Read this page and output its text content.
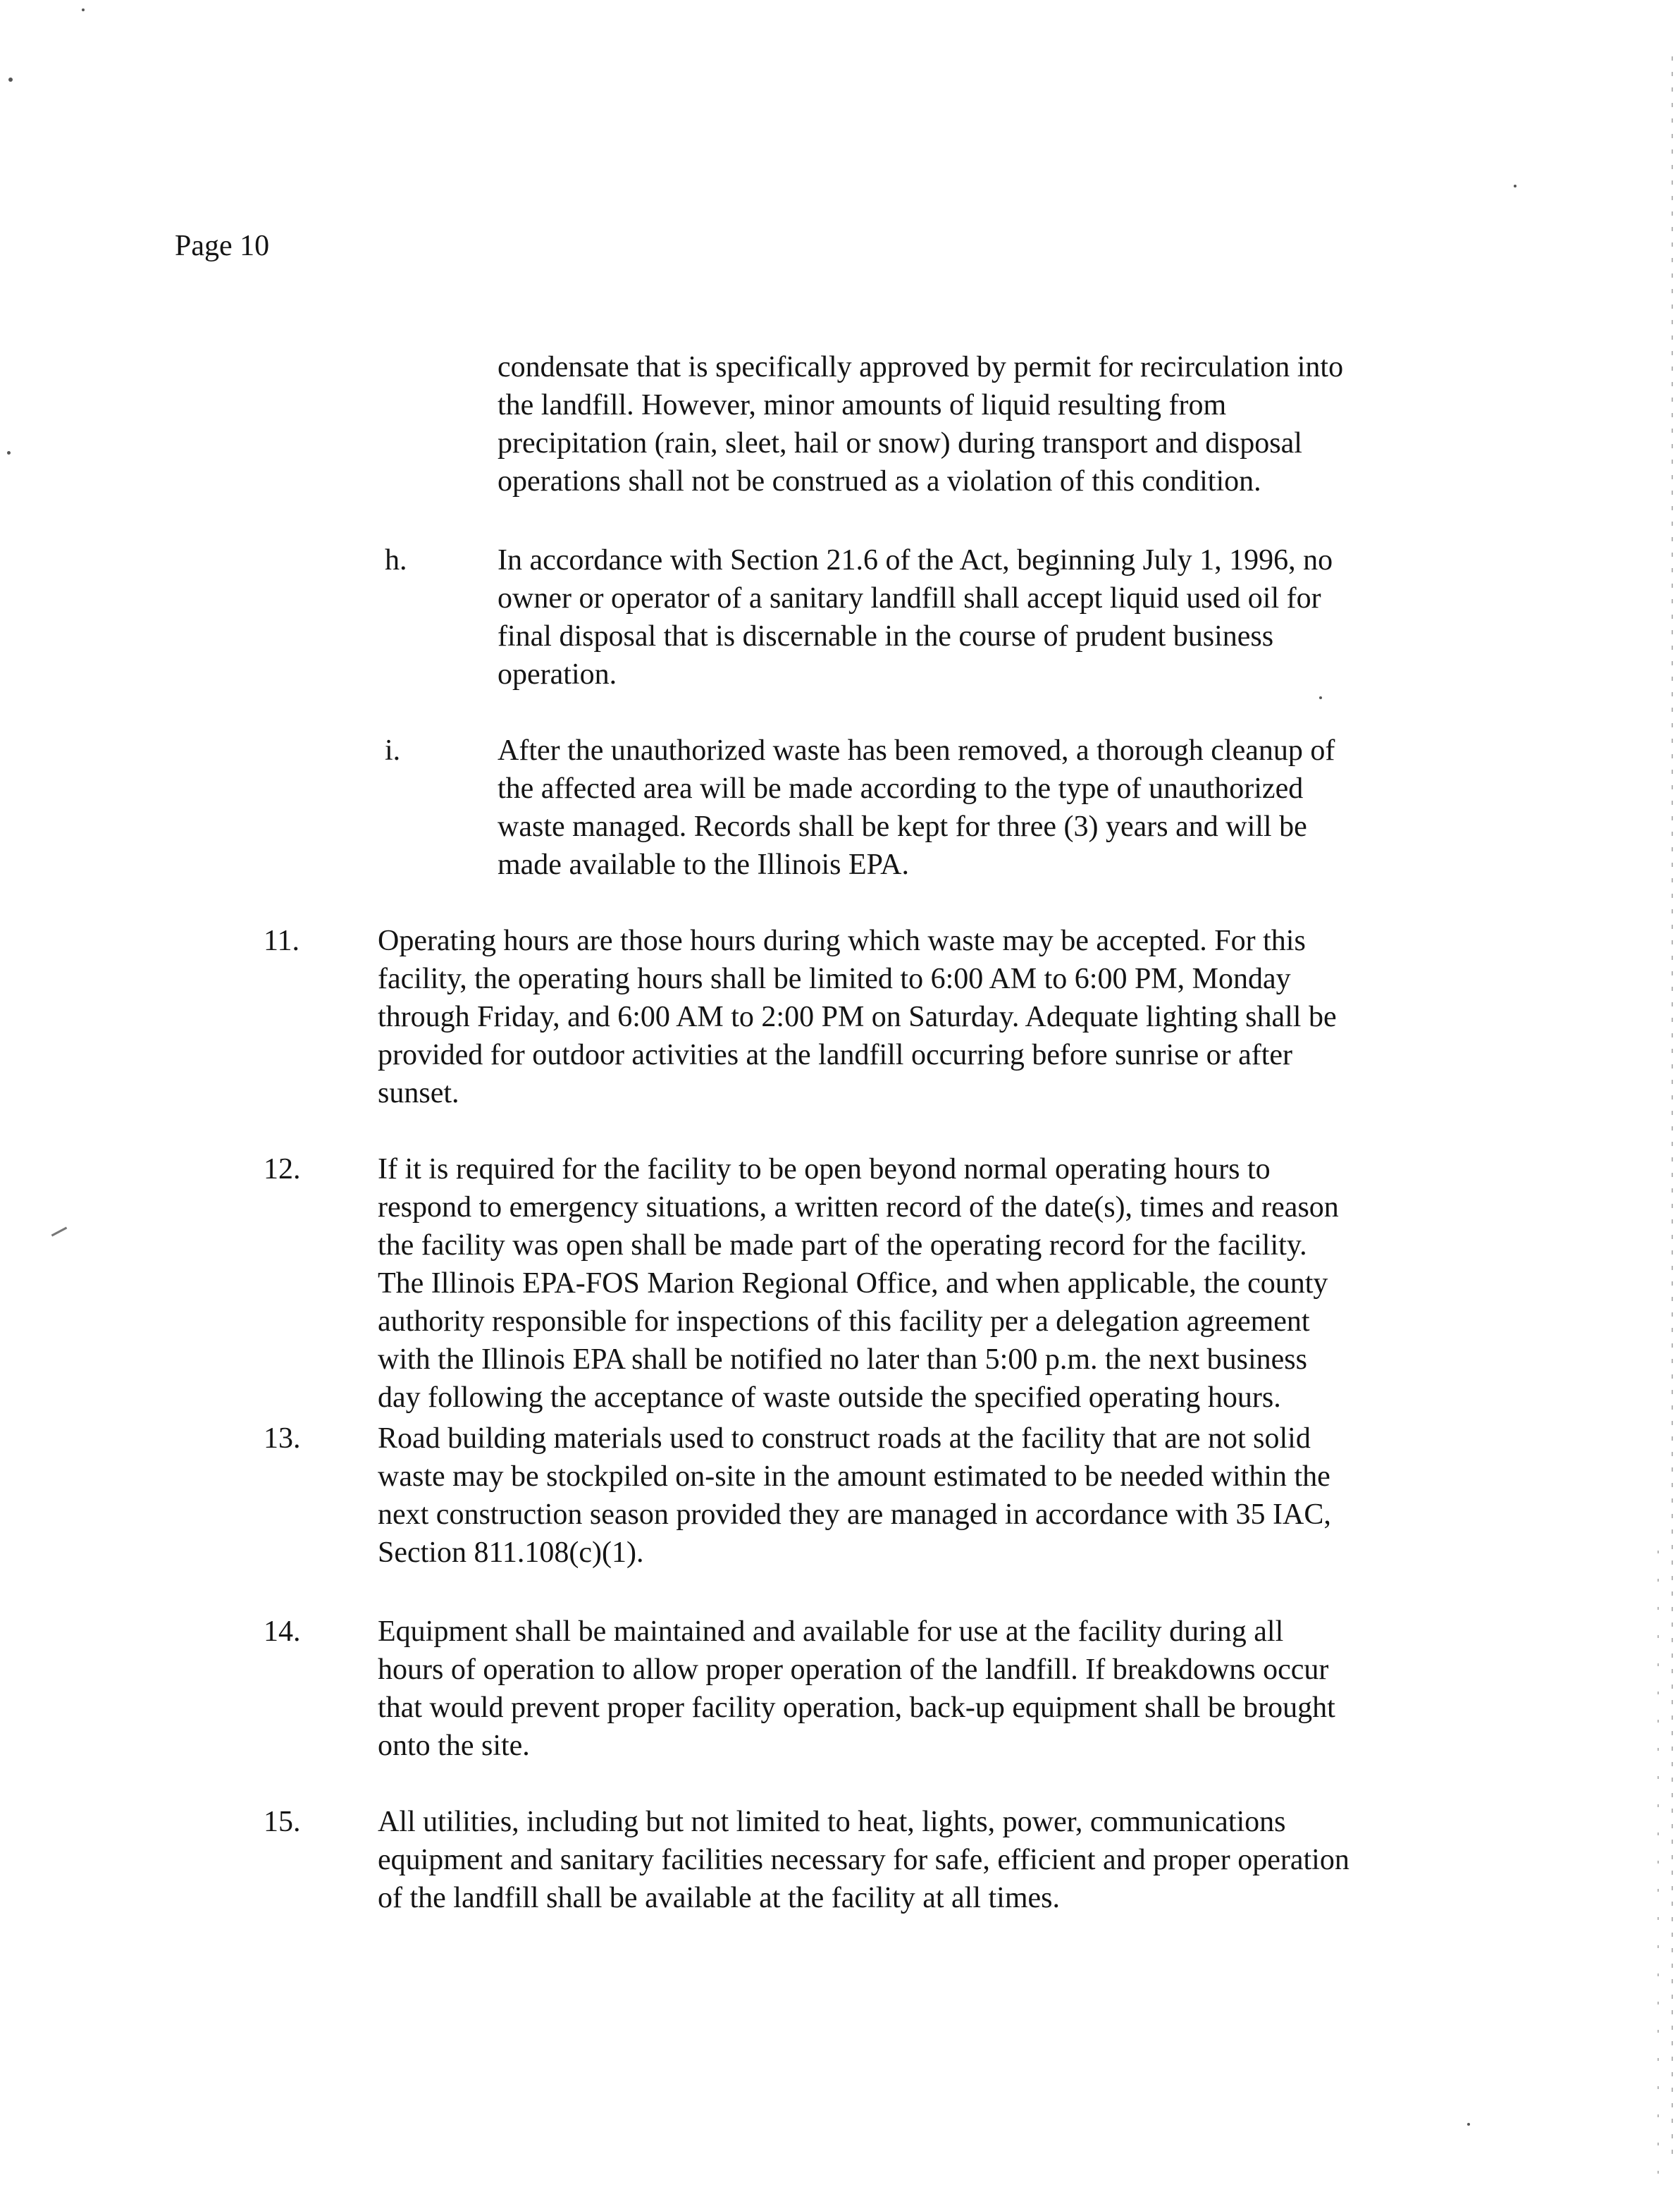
Page 10
condensate that is specifically approved by permit for recirculation into
the landfill. However, minor amounts of liquid resulting from
precipitation (rain, sleet, hail or snow) during transport and disposal
operations shall not be construed as a violation of this condition.
h.	In accordance with Section 21.6 of the Act, beginning July 1, 1996, no
owner or operator of a sanitary landfill shall accept liquid used oil for
final disposal that is discernable in the course of prudent business
operation.
i.	After the unauthorized waste has been removed, a thorough cleanup of
the affected area will be made according to the type of unauthorized
waste managed. Records shall be kept for three (3) years and will be
made available to the Illinois EPA.
11.	Operating hours are those hours during which waste may be accepted. For this
facility, the operating hours shall be limited to 6:00 AM to 6:00 PM, Monday
through Friday, and 6:00 AM to 2:00 PM on Saturday. Adequate lighting shall be
provided for outdoor activities at the landfill occurring before sunrise or after
sunset.
12.	If it is required for the facility to be open beyond normal operating hours to
respond to emergency situations, a written record of the date(s), times and reason
the facility was open shall be made part of the operating record for the facility.
The Illinois EPA-FOS Marion Regional Office, and when applicable, the county
authority responsible for inspections of this facility per a delegation agreement
with the Illinois EPA shall be notified no later than 5:00 p.m. the next business
day following the acceptance of waste outside the specified operating hours.
13.	Road building materials used to construct roads at the facility that are not solid
waste may be stockpiled on-site in the amount estimated to be needed within the
next construction season provided they are managed in accordance with 35 IAC,
Section 811.108(c)(1).
14.	Equipment shall be maintained and available for use at the facility during all
hours of operation to allow proper operation of the landfill. If breakdowns occur
that would prevent proper facility operation, back-up equipment shall be brought
onto the site.
15.	All utilities, including but not limited to heat, lights, power, communications
equipment and sanitary facilities necessary for safe, efficient and proper operation
of the landfill shall be available at the facility at all times.
